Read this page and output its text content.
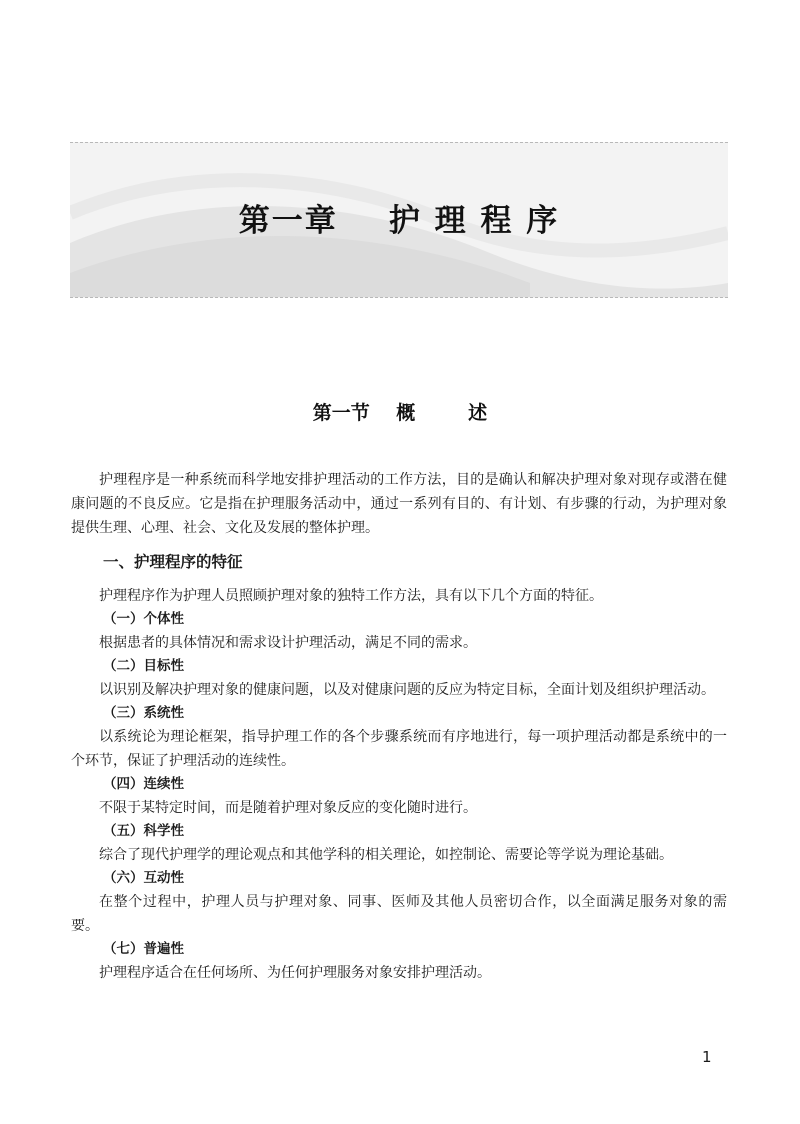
第一章    护 理 程 序
第一节    概        述

护理程序是一种系统而科学地安排护理活动的工作方法，目的是确认和解决护理对象对现存或潜在健康问题的不良反应。它是指在护理服务活动中，通过一系列有目的、有计划、有步骤的行动，为护理对象提供生理、心理、社会、文化及发展的整体护理。

一、护理程序的特征

护理程序作为护理人员照顾护理对象的独特工作方法，具有以下几个方面的特征。

（一）个体性

根据患者的具体情况和需求设计护理活动，满足不同的需求。

（二）目标性

以识别及解决护理对象的健康问题，以及对健康问题的反应为特定目标，全面计划及组织护理活动。

（三）系统性

以系统论为理论框架，指导护理工作的各个步骤系统而有序地进行，每一项护理活动都是系统中的一个环节，保证了护理活动的连续性。

（四）连续性

不限于某特定时间，而是随着护理对象反应的变化随时进行。

（五）科学性

综合了现代护理学的理论观点和其他学科的相关理论，如控制论、需要论等学说为理论基础。

（六）互动性

在整个过程中，护理人员与护理对象、同事、医师及其他人员密切合作，以全面满足服务对象的需要。

（七）普遍性

护理程序适合在任何场所、为任何护理服务对象安排护理活动。

1
